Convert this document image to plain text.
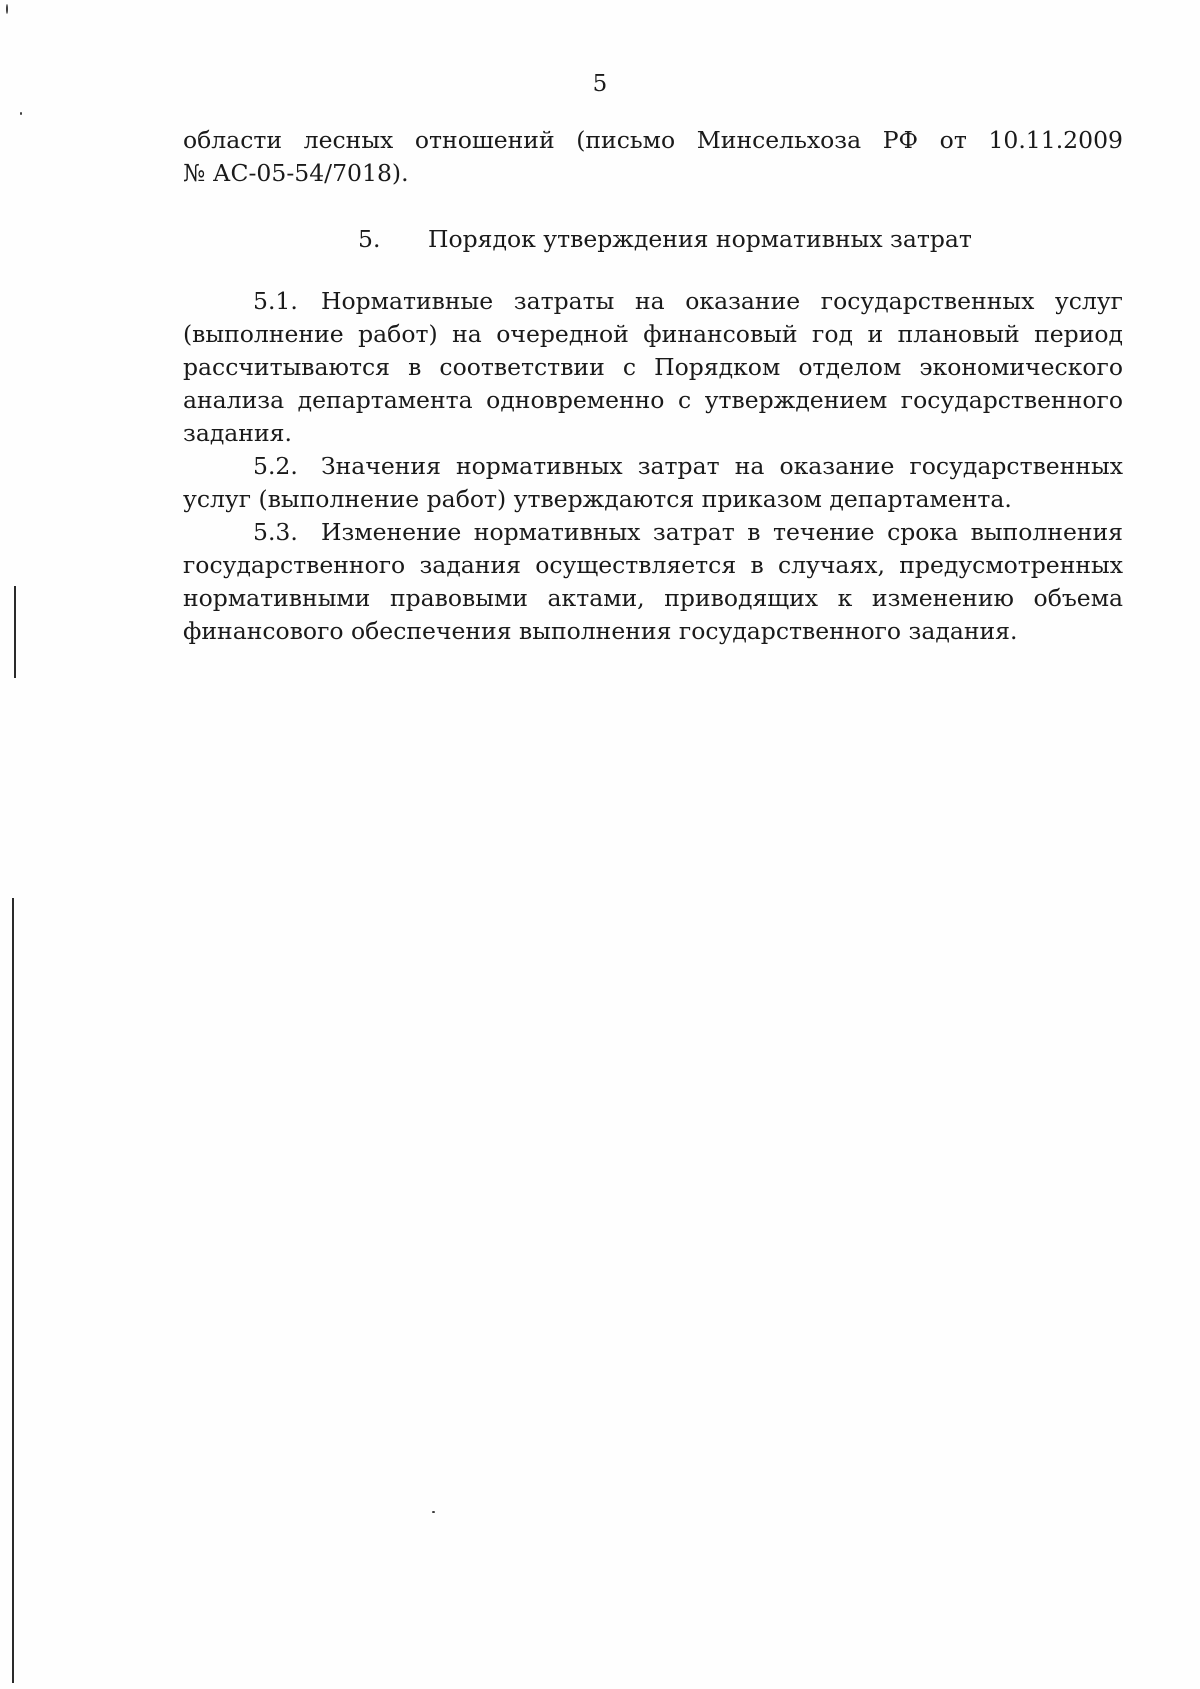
5

области лесных отношений (письмо Минсельхоза РФ от 10.11.2009

№ АС-05-54/7018).

5. Порядок утверждения нормативных затрат

5.1. Нормативные затраты на оказание государственных услуг (выполнение работ) на очередной финансовый год и плановый период рассчитываются в соответствии с Порядком отделом экономического анализа департамента одновременно с утверждением государственного задания.

5.2. Значения нормативных затрат на оказание государственных услуг (выполнение работ) утверждаются приказом департамента.

5.3. Изменение нормативных затрат в течение срока выполнения государственного задания осуществляется в случаях, предусмотренных нормативными правовыми актами, приводящих к изменению объема финансового обеспечения выполнения государственного задания.
